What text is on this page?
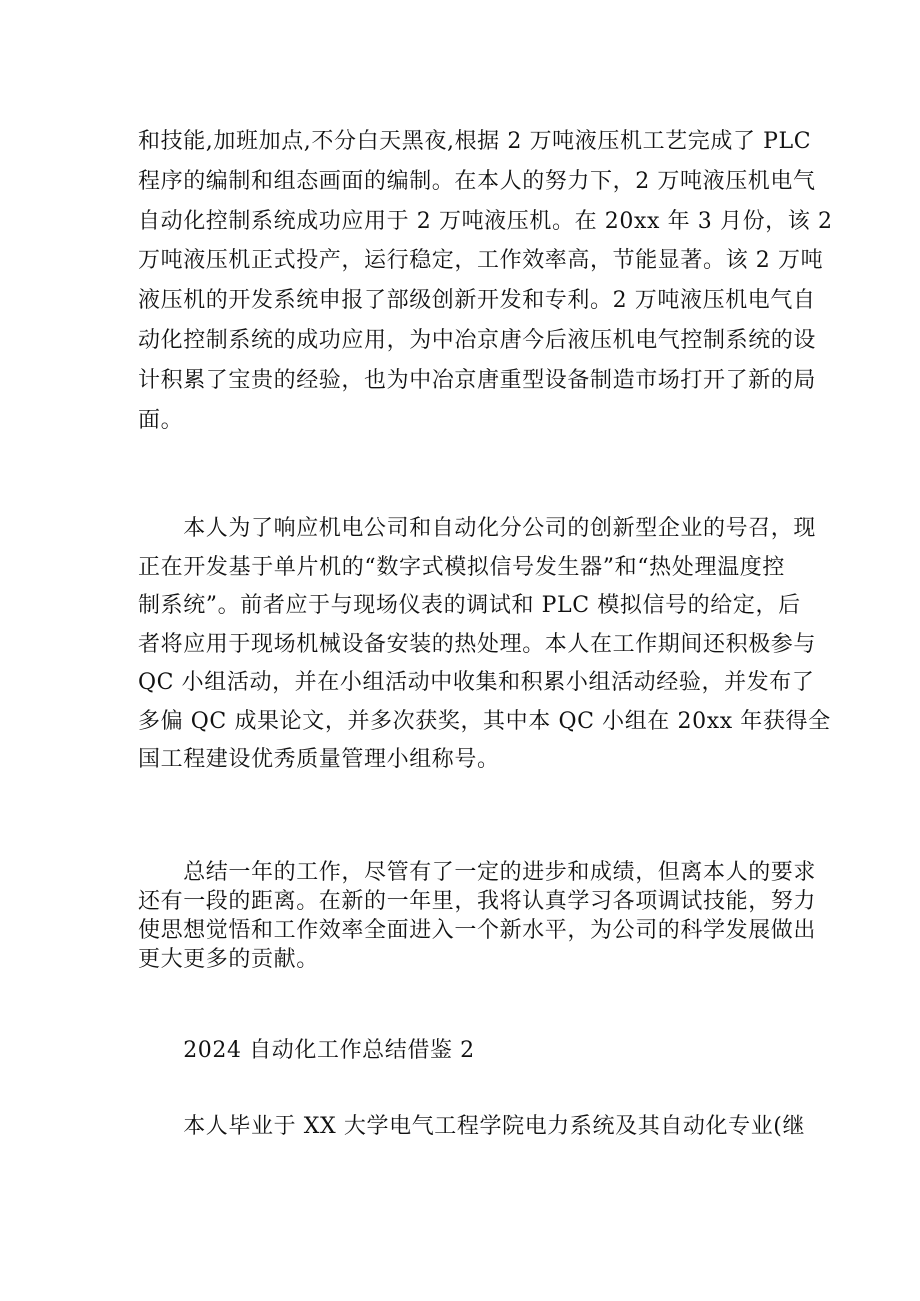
和技能,加班加点,不分白天黑夜,根据 2 万吨液压机工艺完成了 PLC
程序的编制和组态画面的编制。在本人的努力下，2 万吨液压机电气
自动化控制系统成功应用于 2 万吨液压机。在 20xx 年 3 月份，该 2
万吨液压机正式投产，运行稳定，工作效率高，节能显著。该 2 万吨
液压机的开发系统申报了部级创新开发和专利。2 万吨液压机电气自
动化控制系统的成功应用，为中冶京唐今后液压机电气控制系统的设
计积累了宝贵的经验，也为中冶京唐重型设备制造市场打开了新的局
面。
　　本人为了响应机电公司和自动化分公司的创新型企业的号召，现
正在开发基于单片机的“数字式模拟信号发生器”和“热处理温度控
制系统”。前者应于与现场仪表的调试和 PLC 模拟信号的给定，后
者将应用于现场机械设备安装的热处理。本人在工作期间还积极参与
QC 小组活动，并在小组活动中收集和积累小组活动经验，并发布了
多偏 QC 成果论文，并多次获奖，其中本 QC 小组在 20xx 年获得全
国工程建设优秀质量管理小组称号。
　　总结一年的工作，尽管有了一定的进步和成绩，但离本人的要求
还有一段的距离。在新的一年里，我将认真学习各项调试技能，努力
使思想觉悟和工作效率全面进入一个新水平，为公司的科学发展做出
更大更多的贡献。
　　2024 自动化工作总结借鉴 2
　　本人毕业于 XX 大学电气工程学院电力系统及其自动化专业(继
